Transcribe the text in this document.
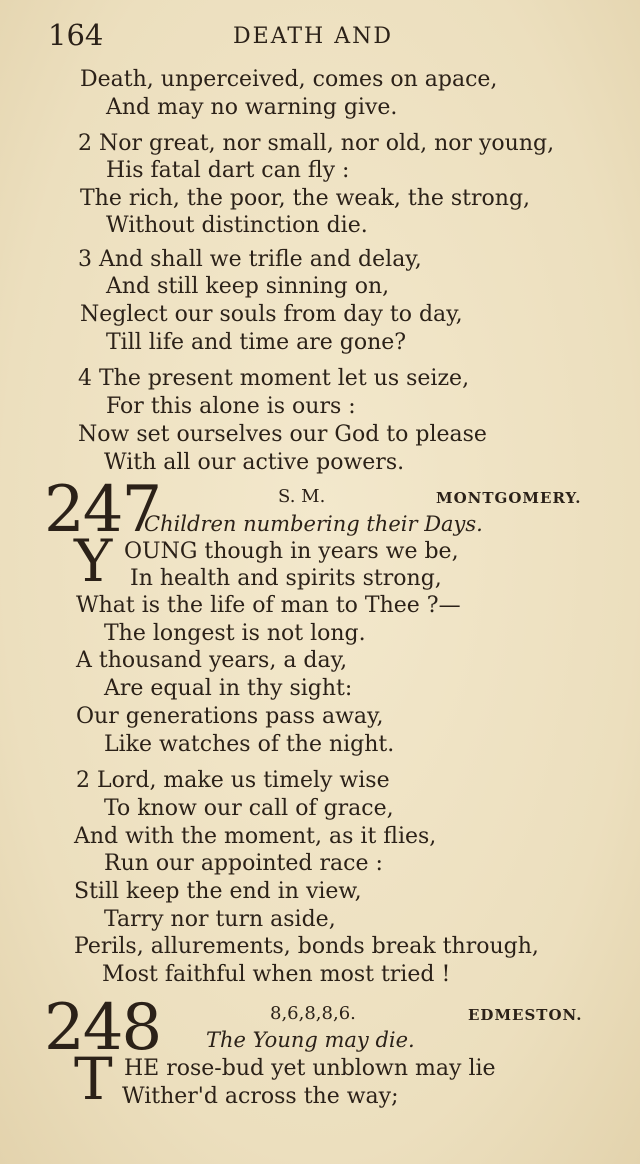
164	DEATH AND
Death, unperceived, comes on apace,
And may no warning give.
2 Nor great, nor small, nor old, nor young,
His fatal dart can fly :
The rich, the poor, the weak, the strong,
Without distinction die.
3 And shall we trifle and delay,
And still keep sinning on,
Neglect our souls from day to day,
Till life and time are gone?
4 The present moment let us seize,
For this alone is ours :
Now set ourselves our God to please
With all our active powers.
247	S. M.	MONTGOMERY.
Children numbering their Days.
Y OUNG though in years we be,
In health and spirits strong,
What is the life of man to Thee ?—
The longest is not long.
A thousand years, a day,
Are equal in thy sight:
Our generations pass away,
Like watches of the night.
2 Lord, make us timely wise
To know our call of grace,
And with the moment, as it flies,
Run our appointed race :
Still keep the end in view,
Tarry nor turn aside,
Perils, allurements, bonds break through,
Most faithful when most tried !
248	8,6,8,8,6.	EDMESTON.
The Young may die.
T HE rose-bud yet unblown may lie
Wither'd across the way;
